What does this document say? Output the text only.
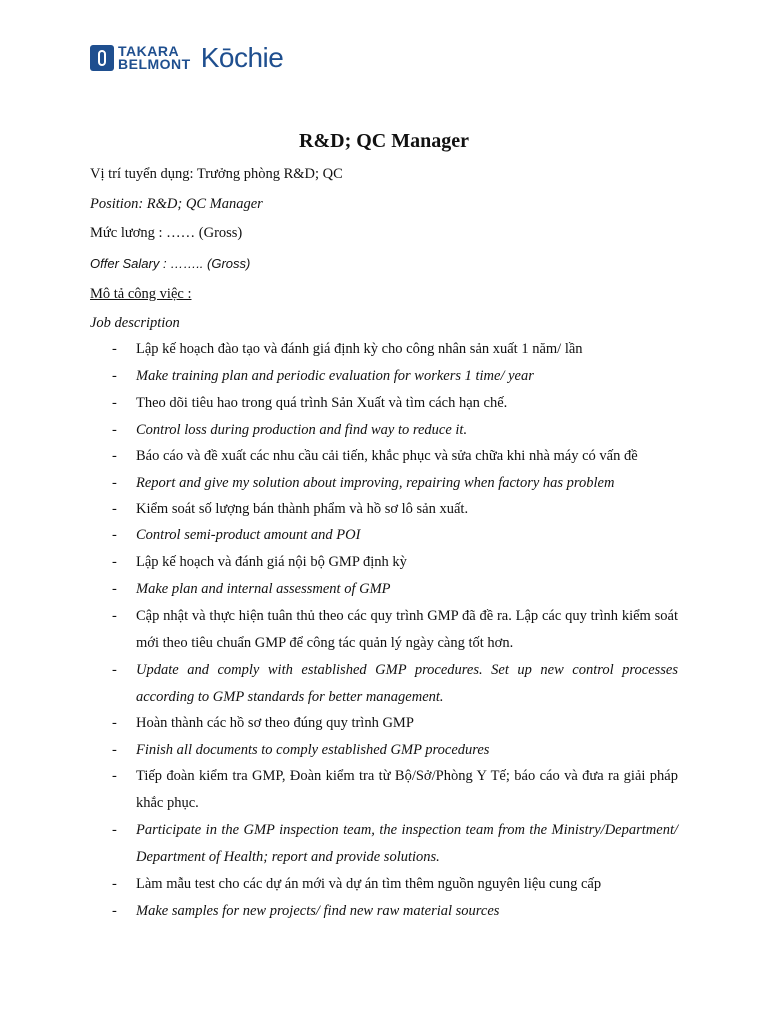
TAKARA
BELMONT Kōchie
R&D; QC Manager
Vị trí tuyển dụng: Trưởng phòng R&D; QC
Position: R&D; QC Manager
Mức lương : …… (Gross)
Offer Salary : …….. (Gross)
Mô tả công việc :
Job description
- Lập kế hoạch đào tạo và đánh giá định kỳ cho công nhân sản xuất 1 năm/ lần
- Make training plan and periodic evaluation for workers 1 time/ year
- Theo dõi tiêu hao trong quá trình Sản Xuất và tìm cách hạn chế.
- Control loss during production and find way to reduce it.
- Báo cáo và đề xuất các nhu cầu cải tiến, khắc phục và sửa chữa khi nhà máy có vấn đề
- Report and give my solution about improving, repairing when factory has problem
- Kiểm soát số lượng bán thành phẩm và hồ sơ lô sản xuất.
- Control semi-product amount and POI
- Lập kế hoạch và đánh giá nội bộ GMP định kỳ
- Make plan and internal assessment of GMP
- Cập nhật và thực hiện tuân thủ theo các quy trình GMP đã đề ra. Lập các quy trình kiểm soát mới theo tiêu chuẩn GMP để công tác quản lý ngày càng tốt hơn.
- Update and comply with established GMP procedures. Set up new control processes according to GMP standards for better management.
- Hoàn thành các hồ sơ theo đúng quy trình GMP
- Finish all documents to comply established GMP procedures
- Tiếp đoàn kiểm tra GMP, Đoàn kiểm tra từ Bộ/Sở/Phòng Y Tế; báo cáo và đưa ra giải pháp khắc phục.
- Participate in the GMP inspection team, the inspection team from the Ministry/Department/ Department of Health; report and provide solutions.
- Làm mẫu test cho các dự án mới và dự án tìm thêm nguồn nguyên liệu cung cấp
- Make samples for new projects/ find new raw material sources
